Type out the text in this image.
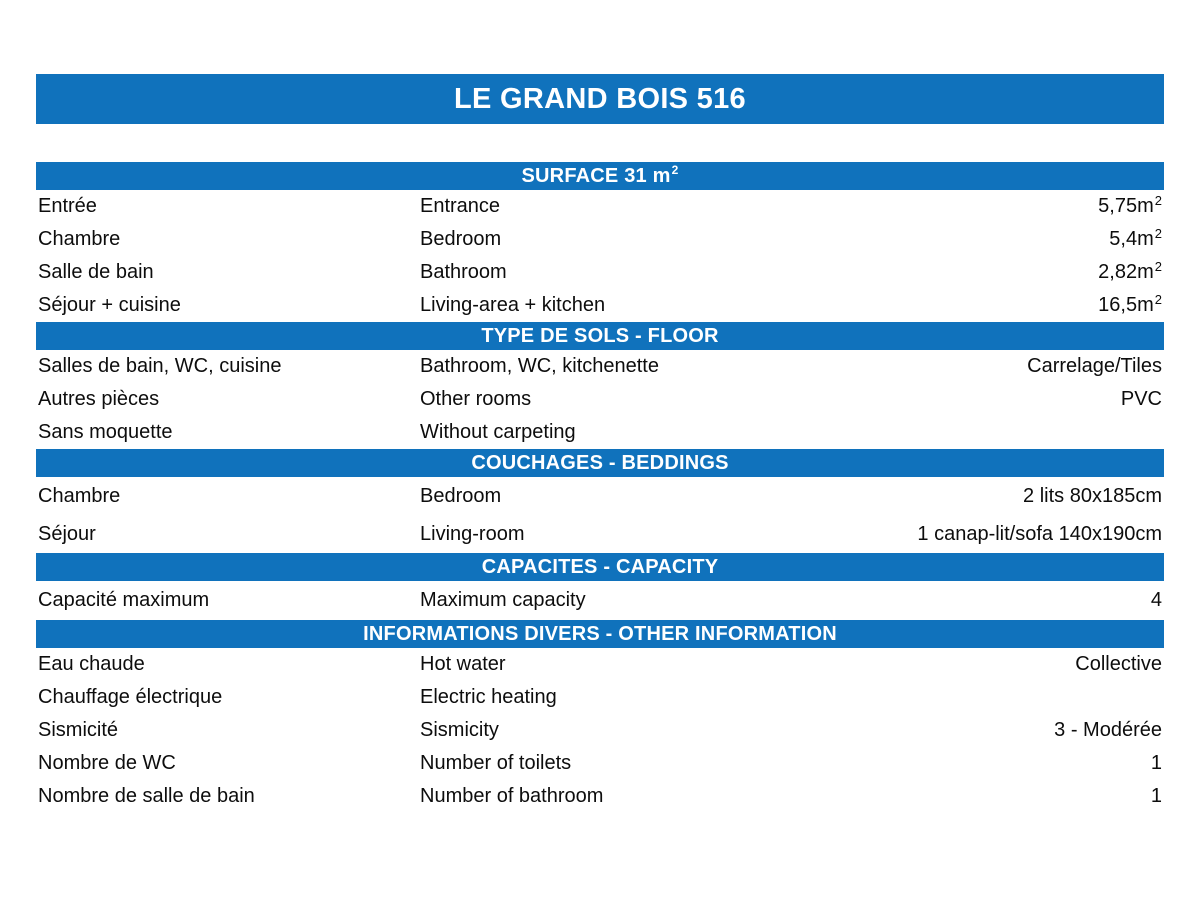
LE GRAND BOIS 516
SURFACE 31 m 2
Entrée	Entrance	$5,75m^2$
Chambre	Bedroom	$5,4m^2$
Salle de bain	Bathroom	$2,82m^2$
Séjour + cuisine	Living-area + kitchen	$16,5m^2$
TYPE DE SOLS - FLOOR
Salles de bain, WC, cuisine	Bathroom, WC, kitchenette	Carrelage/Tiles
Autres pièces	Other rooms	PVC
Sans moquette	Without carpeting
COUCHAGES - BEDDINGS
Chambre	Bedroom	2 lits 80x185cm
Séjour	Living-room	1 canap-lit/sofa 140x190cm
CAPACITES - CAPACITY
Capacité maximum	Maximum capacity	4
INFORMATIONS DIVERS - OTHER INFORMATION
Eau chaude	Hot water	Collective
Chauffage électrique	Electric heating
Sismicité	Sismicity	3 - Modérée
Nombre de WC	Number of toilets	1
Nombre de salle de bain	Number of bathroom	1
